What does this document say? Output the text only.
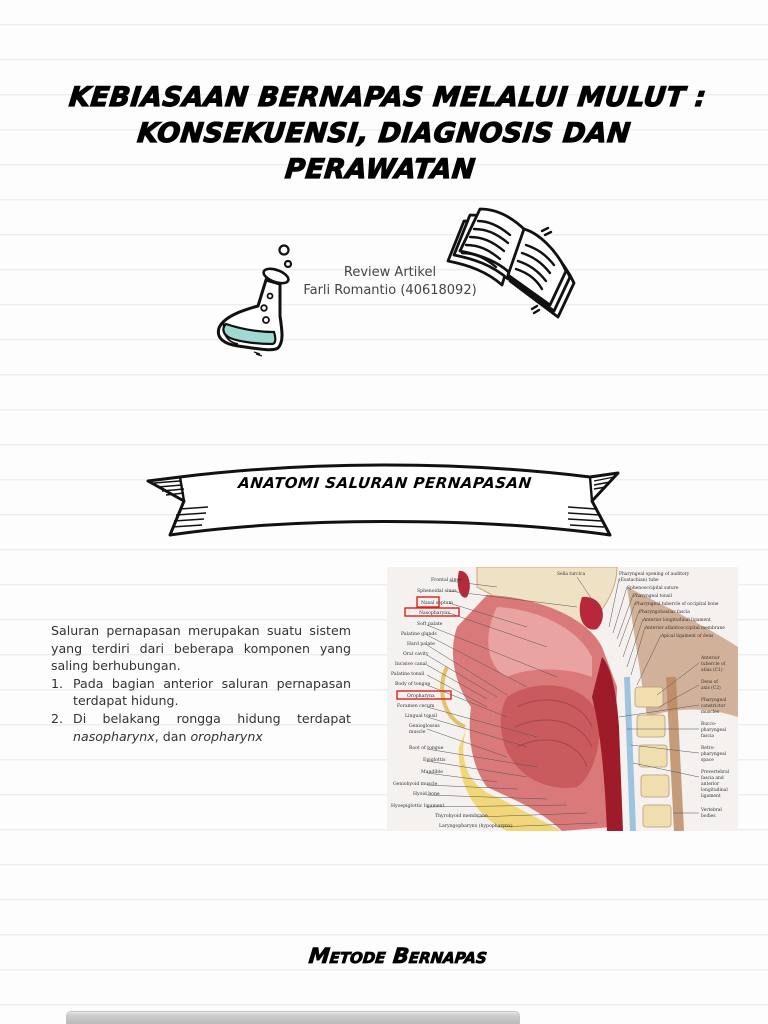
KEBIASAAN BERNAPAS MELALUI MULUT :
KONSEKUENSI, DIAGNOSIS DAN
PERAWATAN
Review Artikel
Farli Romantio (40618092)
ANATOMI SALURAN PERNAPASAN

Saluran pernapasan merupakan suatu sistem yang terdiri dari beberapa komponen yang saling berhubungan.

1. Pada bagian anterior saluran pernapasan terdapat hidung.
2. Di belakang rongga hidung terdapat nasopharynx, dan oropharynx
Frontal sinus
Sphenoidal sinus
Nasal septum
Nasopharynx
Soft palate
Palatine glands
Hard palate
Oral cavity
Incisive canal
Palatine tonsil
Body of tongue
Oropharynx
Foramen cecum
Lingual tonsil
Genioglossus
muscle
Root of tongue
Epiglottis
Mandible
Geniohyoid muscle
Hyoid bone
Hyoepiglottic ligament
Thyrohyoid membrane
Laryngopharynx (hypopharynx)
Sella turcica	Pharyngeal opening of auditory
(Eustachian) tube
Sphenooccipital suture
Pharyngeal tonsil
Pharyngeal tubercle of occipital bone
Pharyngobasilar fascia
Anterior longitudinal ligament
Anterior atlantooccipital membrane
Apical ligament of dens
Anterior
tubercle of
atlas (C1)
Dens of
axis (C2)
Pharyngeal
constrictor
muscles
Bucco-
pharyngeal
fascia
Retro-
pharyngeal
space
Prevertebral
fascia and
anterior
longitudinal
ligament
Vertebral
bodies
Metode Bernapas
